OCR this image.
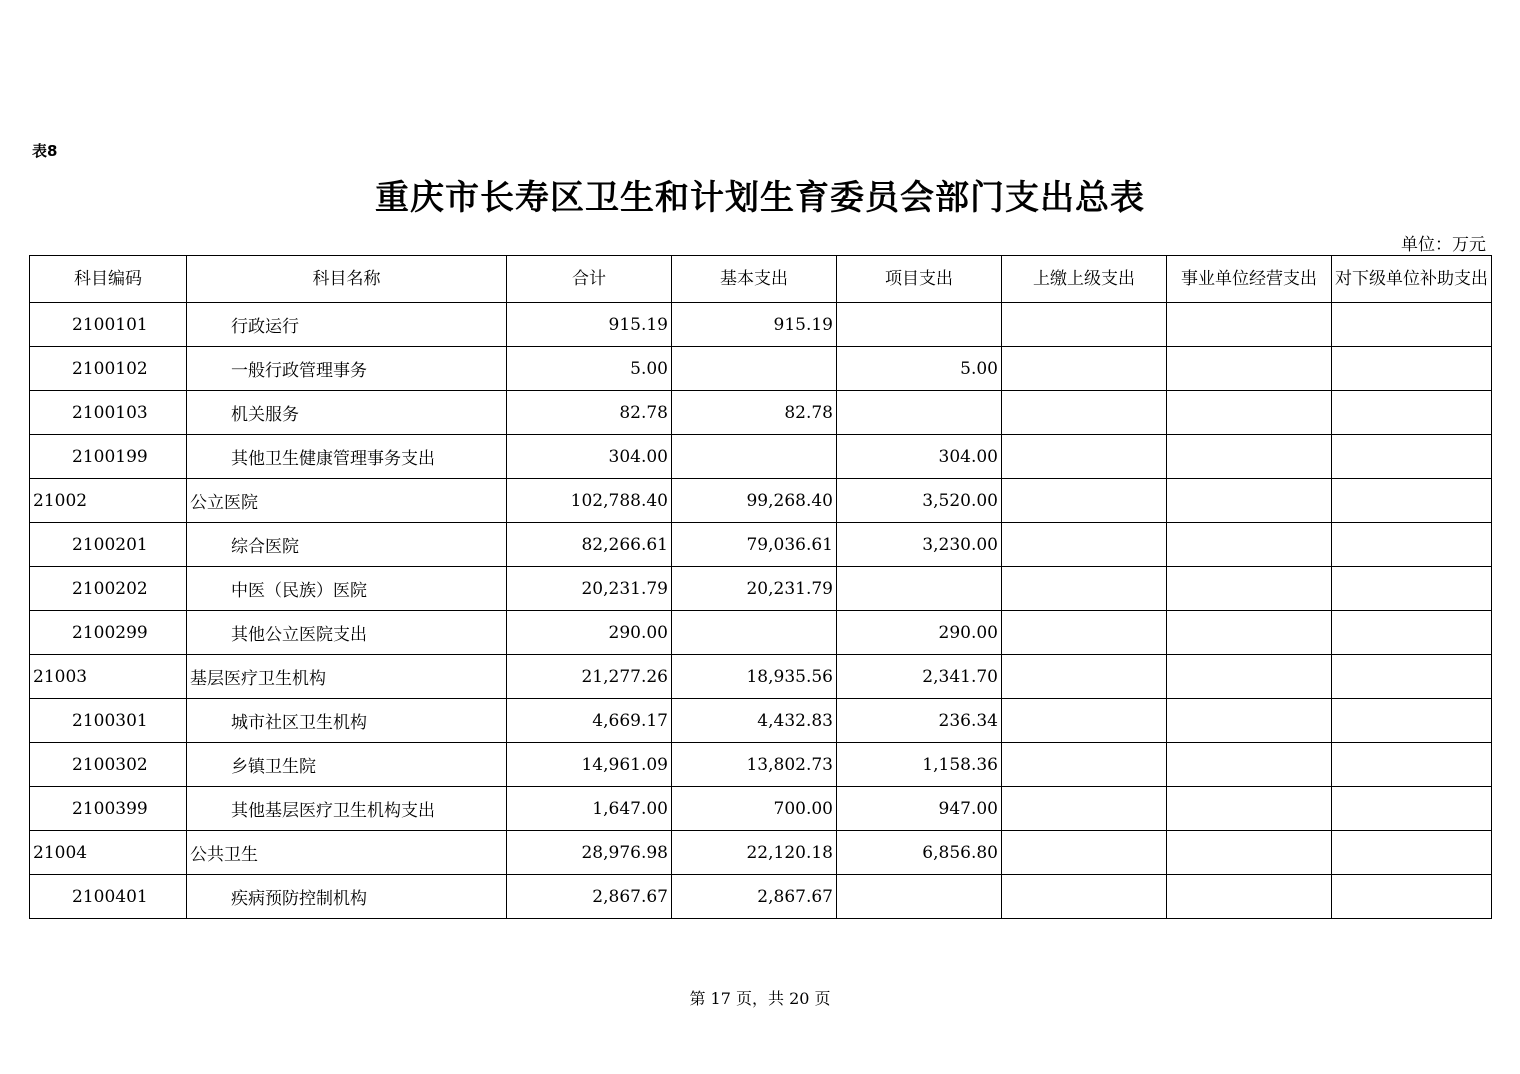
表8
重庆市长寿区卫生和计划生育委员会部门支出总表
单位：万元
科目编码	科目名称	合计	基本支出	项目支出	上缴上级支出	事业单位经营支出	对下级单位补助支出
2100101	行政运行	915.19	915.19				
2100102	一般行政管理事务	5.00		5.00			
2100103	机关服务	82.78	82.78				
2100199	其他卫生健康管理事务支出	304.00		304.00			
21002	公立医院	102,788.40	99,268.40	3,520.00			
2100201	综合医院	82,266.61	79,036.61	3,230.00			
2100202	中医（民族）医院	20,231.79	20,231.79				
2100299	其他公立医院支出	290.00		290.00			
21003	基层医疗卫生机构	21,277.26	18,935.56	2,341.70			
2100301	城市社区卫生机构	4,669.17	4,432.83	236.34			
2100302	乡镇卫生院	14,961.09	13,802.73	1,158.36			
2100399	其他基层医疗卫生机构支出	1,647.00	700.00	947.00			
21004	公共卫生	28,976.98	22,120.18	6,856.80			
2100401	疾病预防控制机构	2,867.67	2,867.67				
第 17 页，共 20 页
